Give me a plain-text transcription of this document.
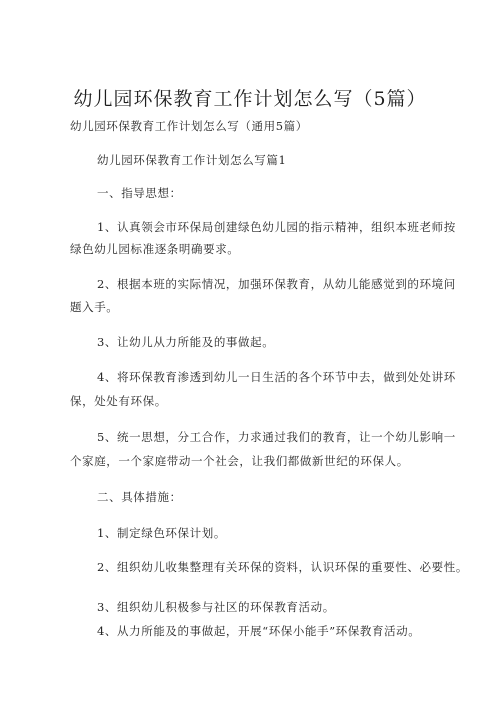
幼儿园环保教育工作计划怎么写（5篇）
幼儿园环保教育工作计划怎么写（通用5篇）
幼儿园环保教育工作计划怎么写篇1
一、指导思想：
1、认真领会市环保局创建绿色幼儿园的指示精神，组织本班老师按
绿色幼儿园标准逐条明确要求。
2、根据本班的实际情况，加强环保教育，从幼儿能感觉到的环境问
题入手。
3、让幼儿从力所能及的事做起。
4、将环保教育渗透到幼儿一日生活的各个环节中去，做到处处讲环
保，处处有环保。
5、统一思想，分工合作，力求通过我们的教育，让一个幼儿影响一
个家庭，一个家庭带动一个社会，让我们都做新世纪的环保人。
二、具体措施：
1、制定绿色环保计划。
2、组织幼儿收集整理有关环保的资料，认识环保的重要性、必要性。
3、组织幼儿积极参与社区的环保教育活动。
4、从力所能及的事做起，开展“环保小能手”环保教育活动。
